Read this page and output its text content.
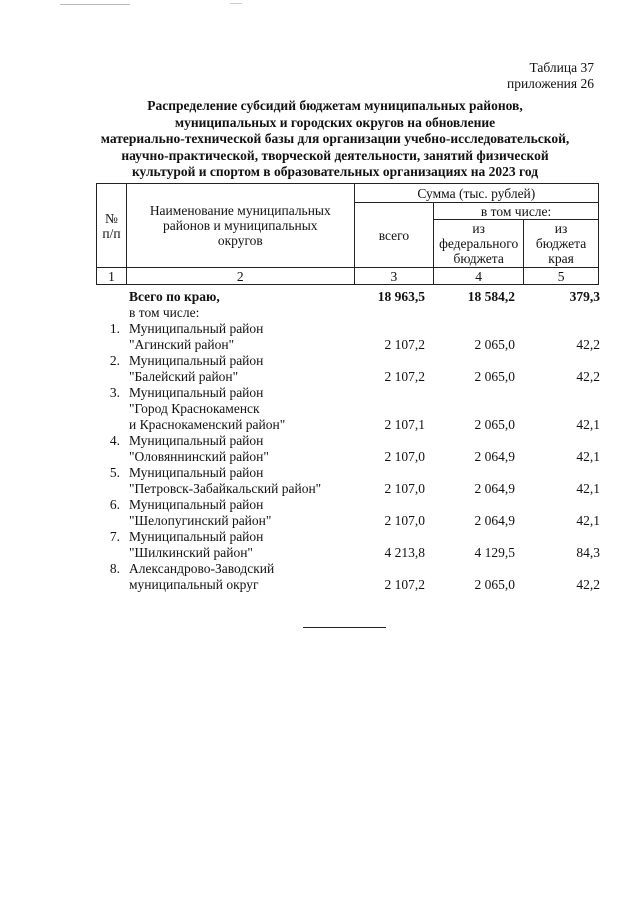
Таблица 37
приложения 26
Распределение субсидий бюджетам муниципальных районов,
муниципальных и городских округов на обновление
материально-технической базы для организации учебно-исследовательской,
научно-практической, творческой деятельности, занятий физической
культурой и спортом в образовательных организациях на 2023 год
№ п/п	Наименование муниципальных районов и муниципальных округов	Сумма (тыс. рублей)		
		всего	в том числе:	
			из федерального бюджета	из бюджета края
1	2	3	4	5
Всего по краю,	18 963,5	18 584,2	379,3
в том числе:
1. Муниципальный район
"Агинский район"	2 107,2	2 065,0	42,2
2. Муниципальный район
"Балейский район"	2 107,2	2 065,0	42,2
3. Муниципальный район
"Город Краснокаменск
и Краснокаменский район"	2 107,1	2 065,0	42,1
4. Муниципальный район
"Оловяннинский район"	2 107,0	2 064,9	42,1
5. Муниципальный район
"Петровск-Забайкальский район"	2 107,0	2 064,9	42,1
6. Муниципальный район
"Шелопугинский район"	2 107,0	2 064,9	42,1
7. Муниципальный район
"Шилкинский район"	4 213,8	4 129,5	84,3
8. Александрово-Заводский
муниципальный округ	2 107,2	2 065,0	42,2
